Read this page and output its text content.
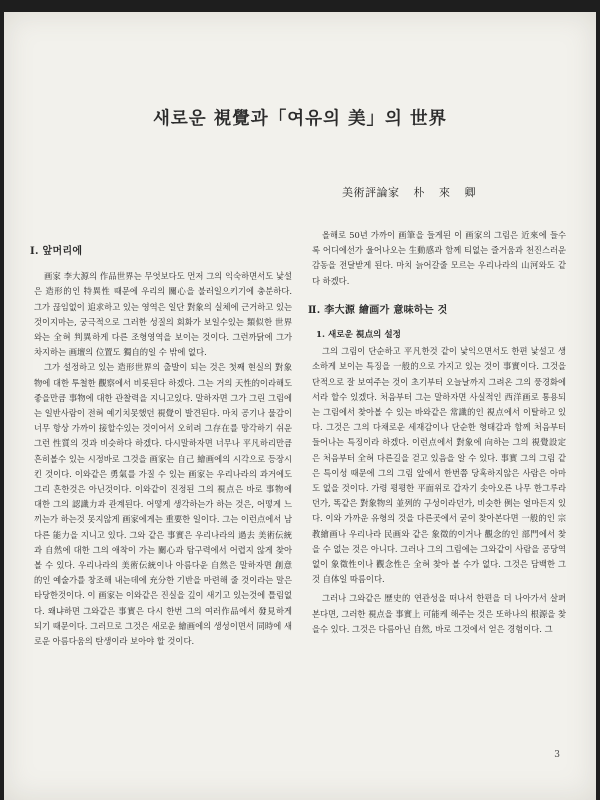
새로운 視覺과「여유의 美」의 世界
美術評論家 朴 來 卿
Ⅰ. 앞머리에

画家 李大源의 作品世界는 무엇보다도 먼저 그의 익숙하면서도 낯설은 造形的인 特異性 때문에 우리의 關心을 불러일으키기에 충분하다. 그가 끊임없이 追求하고 있는 영역은 일단 對象의 실체에 근거하고 있는것이지마는, 궁극적으로 그러한 성질의 회화가 보일수있는 類似한 世界와는 全혀 判異하게 다른 조형영역을 보이는 것이다. 그런까닭에 그가 차지하는 画壇의 位置도 獨自的일 수 밖에 없다.

그가 설정하고 있는 造形世界의 출발이 되는 것은 첫째 현실의 對象物에 대한 투철한 觀察에서 비롯된다 하겠다. 그는 거의 天性的이라해도 좋을만큼 事物에 대한 관찰력을 지니고있다. 말하자면 그가 그린 그림에는 일반사람이 전혀 예기치못했던 視覺이 발견된다. 마치 공기나 물감이 너무 항상 가까이 接할수있는 것이어서 오히려 그存在를 망각하기 쉬운 그런 性質의 것과 비슷하다 하겠다. 다시말하자면 너무나 平凡하리만큼 흔히볼수 있는 시정바로 그것을 画家는 自己 繪画에의 시각으로 등장시킨 것이다. 이와같은 勇氣를 가질 수 있는 画家는 우리나라의 과거에도 그리 흔한것은 아닌것이다. 이와같이 진정된 그의 視点은 바로 事物에 대한 그의 認識力과 관계된다. 어떻게 생각하는가 하는 것은, 어떻게 느끼는가 하는것 못지않게 画家에게는 重要한 일이다. 그는 이런点에서 남다른 能力을 지니고 있다. 그와 같은 事實은 우리나라의 過去 美術伝統과 自然에 대한 그의 애착이 가는 關心과 탐구력에서 어렵지 않게 찾아볼 수 있다. 우리나라의 美術伝統이나 아름다운 自然은 말하자면 創意的인 예술가를 창조해 내는데에 充分한 기반을 마련해 줄 것이라는 말은 타당한것이다. 이 画家는 이와같은 진실을 깊이 새기고 있는것에 틀림없다. 왜냐하면 그와같은 事實은 다시 한번 그의 여러作品에서 發見하게 되기 때문이다. 그러므로 그것은 새로운 繪画에의 생성이면서 同時에 새로운 아름다움의 탄생이라 보아야 할 것이다.

올해로 50년 가까이 画筆을 들게된 이 画家의 그림은 近來에 들수록 어디에선가 울어나오는 生動感과 함께 티없는 즐거움과 천진스러운 감동을 전달받게 된다. 마치 늙어갈줄 모르는 우리나라의 山河와도 같다 하겠다.

Ⅱ. 李大源 繪画가 意味하는 것
1. 새로운 視点의 설정

그의 그림이 단순하고 平凡한것 같이 낯익으면서도 한편 낯설고 생소하게 보이는 특징을 一般的으로 가지고 있는 것이 事實이다. 그것을 단적으로 잘 보여주는 것이 초기부터 오늘날까지 그려온 그의 풍경화에서라 할수 있겠다. 처음부터 그는 말하자면 사실적인 西洋画로 통용되는 그림에서 찾아볼 수 있는 바와같은 常識的인 視点에서 이탈하고 있다. 그것은 그의 다채로운 세재감이나 단순한 형태감과 함께 처음부터 들어나는 특징이라 하겠다. 이런点에서 對象에 向하는 그의 視覺設定은 처음부터 全혀 다른길을 걷고 있음을 알 수 있다. 事實 그의 그림 같은 특이성 때문에 그의 그림 앞에서 한번쯤 당혹하지않은 사람은 아마도 없을 것이다. 가령 평평한 平面위로 갑자기 솟아오른 나무 한그루라던가, 똑같은 對象物의 並列的 구성이라던가, 비슷한 例는 얼마든지 있다. 이와 가까운 유형의 것을 다른곳에서 굳이 찾아본다면 一般的인 宗教繪画나 우리나라 民画와 같은 象徵的이거나 觀念的인 部門에서 찾을 수 없는 것은 아니다. 그러나 그의 그림에는 그와같이 사람을 공당역없이 象徵性이나 觀念性은 全혀 찾아 볼 수가 없다. 그것은 담백한 그것 自体일 따름이다.

그러나 그와같은 歷史的 연관성을 떠나서 한편을 더 나아가서 살펴본다면, 그러한 視点을 事實上 可能케 해주는 것은 또하나의 根源을 찾을수 있다. 그것은 다름아닌 自然, 바로 그것에서 얻은 경험이다. 그

3
